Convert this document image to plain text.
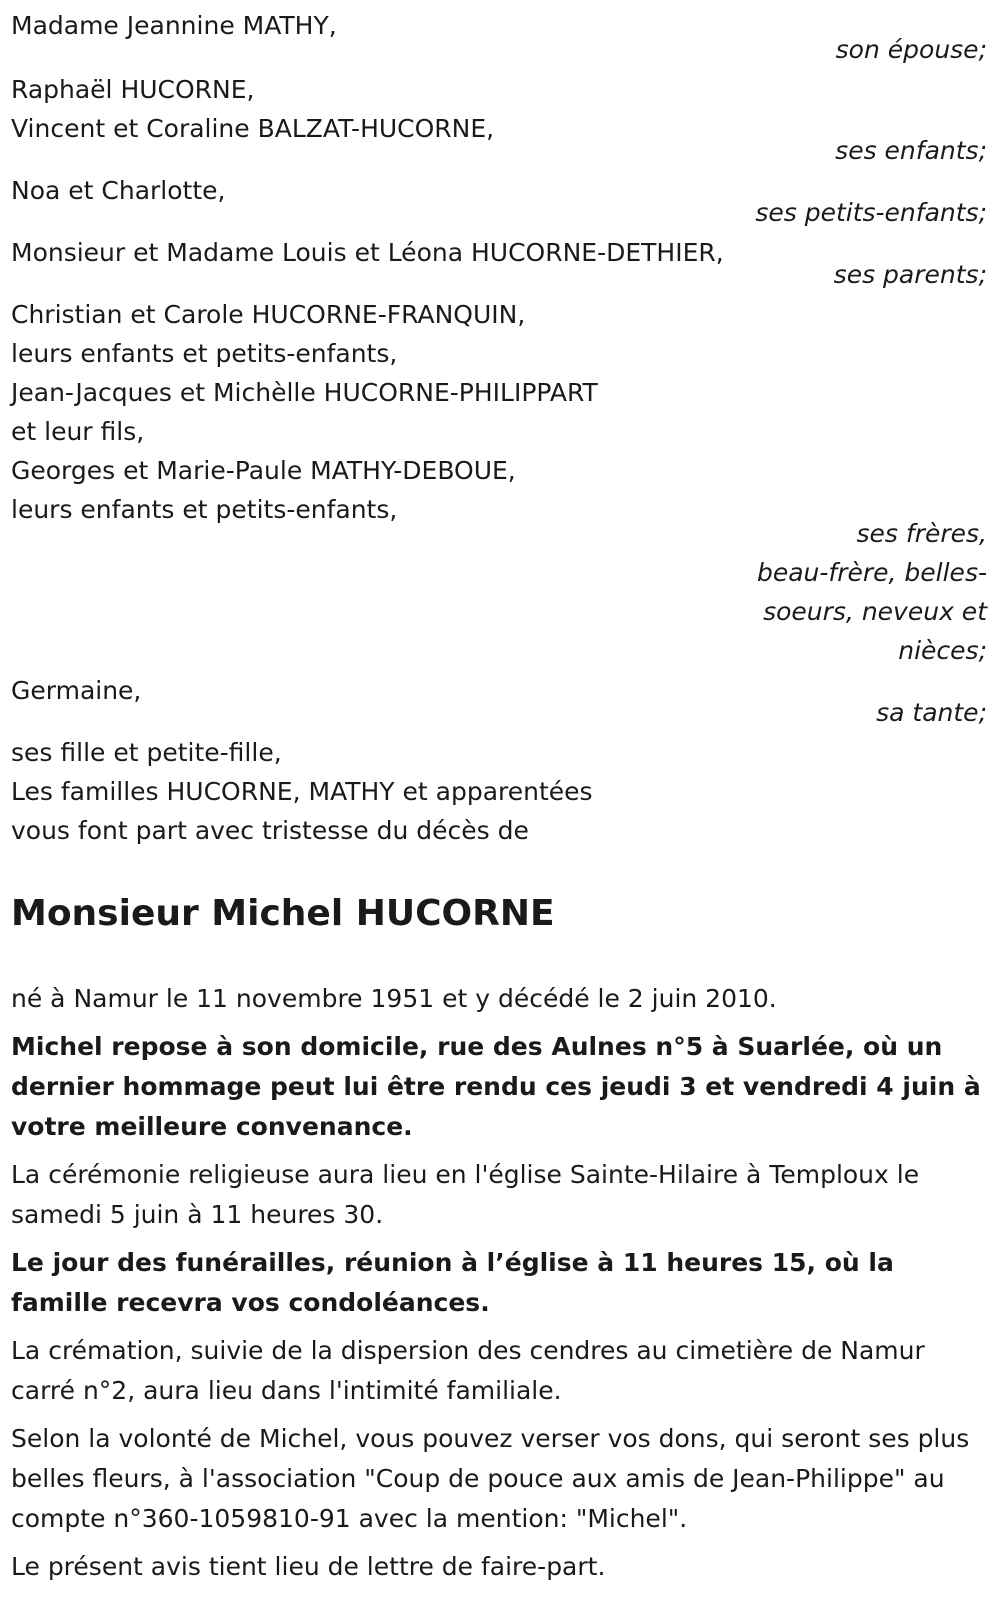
Madame Jeannine MATHY,
son épouse;
Raphaël HUCORNE,
Vincent et Coraline BALZAT-HUCORNE,
ses enfants;
Noa et Charlotte,
ses petits-enfants;
Monsieur et Madame Louis et Léona HUCORNE-DETHIER,
ses parents;
Christian et Carole HUCORNE-FRANQUIN,
leurs enfants et petits-enfants,
Jean-Jacques et Michèlle HUCORNE-PHILIPPART
et leur fils,
Georges et Marie-Paule MATHY-DEBOUE,
leurs enfants et petits-enfants,
ses frères,
beau-frère, belles-
soeurs, neveux et
nièces;
Germaine,
sa tante;
ses fille et petite-fille,
Les familles HUCORNE, MATHY et apparentées
vous font part avec tristesse du décès de
Monsieur Michel HUCORNE

né à Namur le 11 novembre 1951 et y décédé le 2 juin 2010.

Michel repose à son domicile, rue des Aulnes n°5 à Suarlée, où un dernier hommage peut lui être rendu ces jeudi 3 et vendredi 4 juin à votre meilleure convenance.

La cérémonie religieuse aura lieu en l'église Sainte-Hilaire à Temploux le samedi 5 juin à 11 heures 30.

Le jour des funérailles, réunion à l’église à 11 heures 15, où la famille recevra vos condoléances.

La crémation, suivie de la dispersion des cendres au cimetière de Namur carré n°2, aura lieu dans l'intimité familiale.

Selon la volonté de Michel, vous pouvez verser vos dons, qui seront ses plus belles fleurs, à l'association "Coup de pouce aux amis de Jean-Philippe" au compte n°360-1059810-91 avec la mention: "Michel".

Le présent avis tient lieu de lettre de faire-part.
